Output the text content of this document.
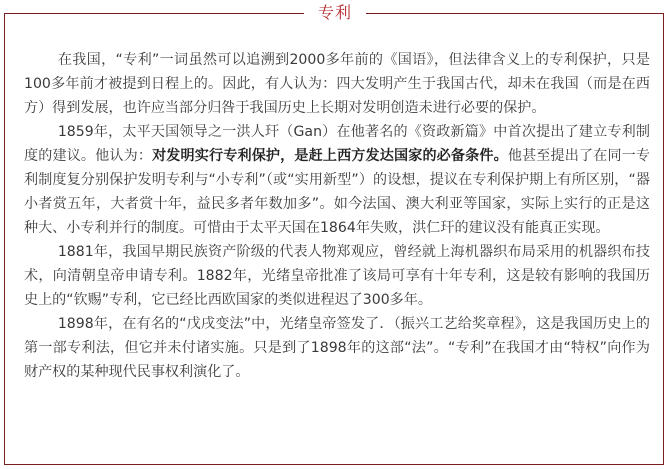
专利

在我国，“专利”一词虽然可以追溯到2000多年前的《国语》，但法律含义上的专利保护，只是100多年前才被提到日程上的。因此，有人认为：四大发明产生于我国古代，却未在我国（而是在西方）得到发展，也许应当部分归咎于我国历史上长期对发明创造未进行必要的保护。

1859年，太平天国领导之一洪人玕（Gan）在他著名的《资政新篇》中首次提出了建立专利制度的建议。他认为：对发明实行专利保护，是赶上西方发达国家的必备条件。他甚至提出了在同一专利制度复分别保护发明专利与“小专利”（或“实用新型”）的设想，提议在专利保护期上有所区别，“器小者赏五年，大者赏十年，益民多者年数加多”。如今法国、澳大利亚等国家，实际上实行的正是这种大、小专利并行的制度。可惜由于太平天国在1864年失败，洪仁玕的建议没有能真正实现。

1881年，我国早期民族资产阶级的代表人物郑观应，曾经就上海机器织布局采用的机器织布技术，向清朝皇帝申请专利。1882年，光绪皇帝批准了该局可享有十年专利，这是较有影响的我国历史上的“钦赐”专利，它已经比西欧国家的类似进程迟了300多年。

1898年，在有名的“戊戌变法”中，光绪皇帝签发了．（振兴工艺给奖章程》，这是我国历史上的第一部专利法，但它并未付诸实施。只是到了1898年的这部“法”。“专利”在我国才由“特权”向作为财产权的某种现代民事权利演化了。
